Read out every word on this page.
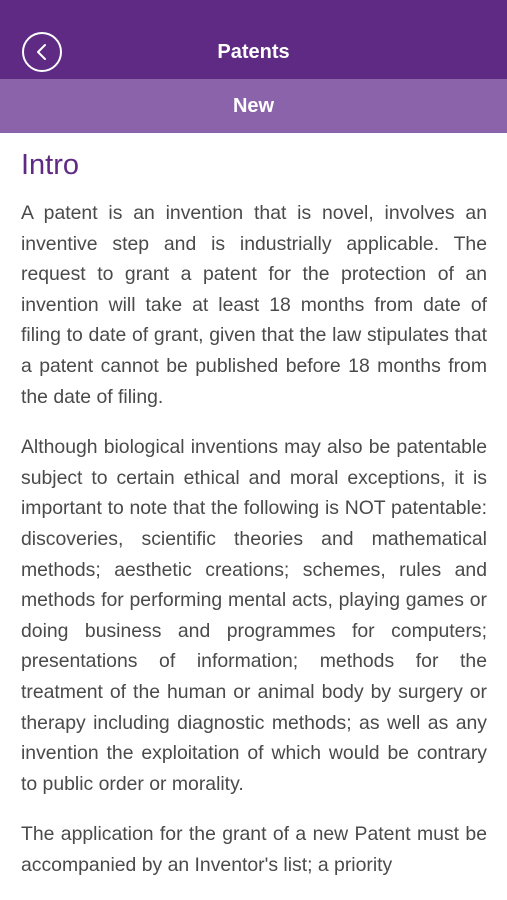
Patents
New
Intro

A patent is an invention that is novel, involves an inventive step and is industrially applicable. The request to grant a patent for the protection of an invention will take at least 18 months from date of filing to date of grant, given that the law stipulates that a patent cannot be published before 18 months from the date of filing.

Although biological inventions may also be patentable subject to certain ethical and moral exceptions, it is important to note that the following is NOT patentable: discoveries, scientific theories and mathematical methods; aesthetic creations; schemes, rules and methods for performing mental acts, playing games or doing business and programmes for computers; presentations of information; methods for the treatment of the human or animal body by surgery or therapy including diagnostic methods; as well as any invention the exploitation of which would be contrary to public order or morality.

The application for the grant of a new Patent must be accompanied by an Inventor's list; a priority
